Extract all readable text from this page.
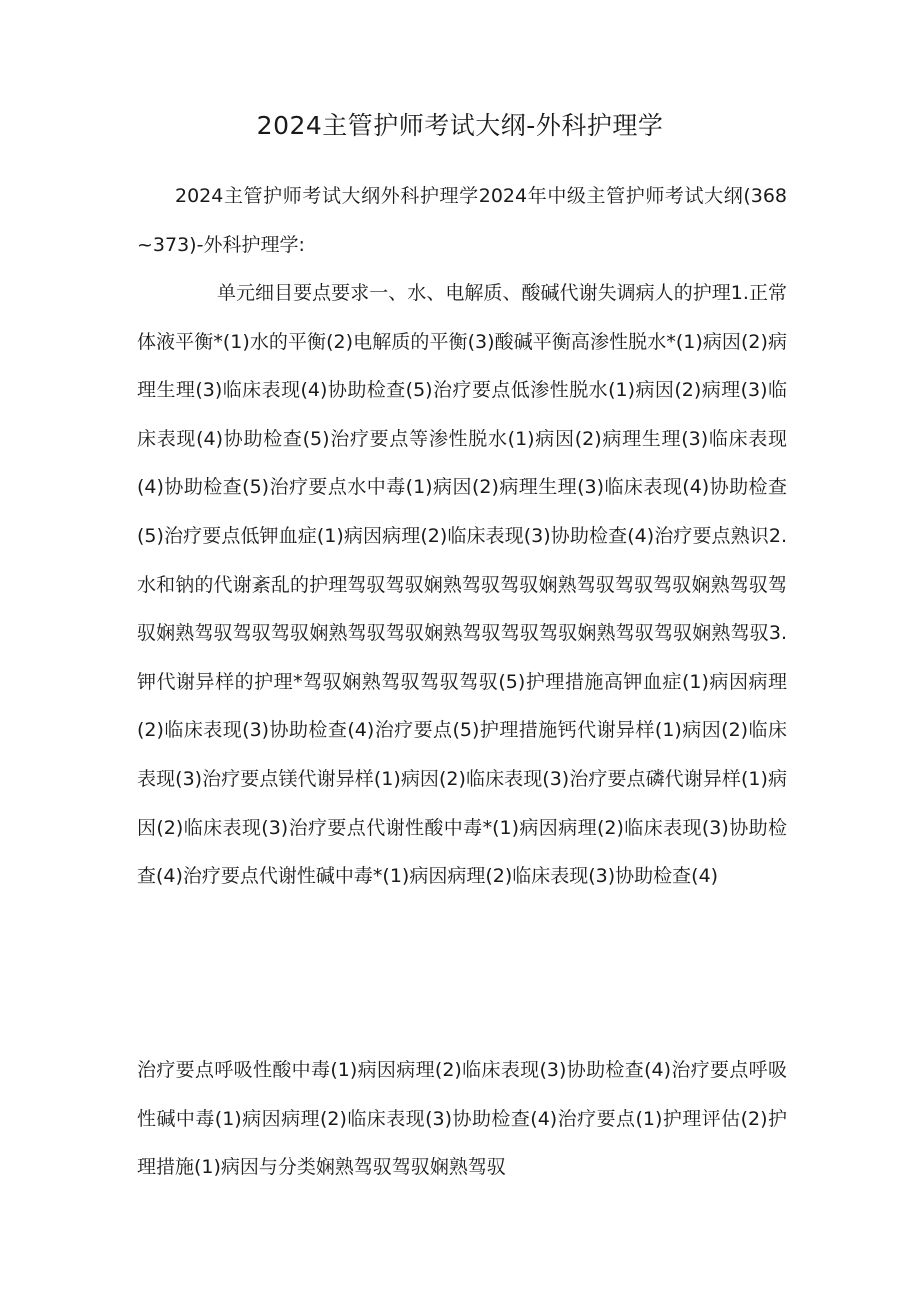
2024主管护师考试大纲-外科护理学

2024主管护师考试大纲外科护理学2024年中级主管护师考试大纲(368~373)-外科护理学:

单元细目要点要求一、水、电解质、酸碱代谢失调病人的护理1.正常体液平衡*(1)水的平衡(2)电解质的平衡(3)酸碱平衡高渗性脱水*(1)病因(2)病理生理(3)临床表现(4)协助检查(5)治疗要点低渗性脱水(1)病因(2)病理(3)临床表现(4)协助检查(5)治疗要点等渗性脱水(1)病因(2)病理生理(3)临床表现(4)协助检查(5)治疗要点水中毒(1)病因(2)病理生理(3)临床表现(4)协助检查(5)治疗要点低钾血症(1)病因病理(2)临床表现(3)协助检查(4)治疗要点熟识2.水和钠的代谢紊乱的护理驾驭驾驭娴熟驾驭驾驭娴熟驾驭驾驭驾驭娴熟驾驭驾驭娴熟驾驭驾驭驾驭娴熟驾驭驾驭娴熟驾驭驾驭驾驭娴熟驾驭驾驭娴熟驾驭3.钾代谢异样的护理*驾驭娴熟驾驭驾驭驾驭(5)护理措施高钾血症(1)病因病理(2)临床表现(3)协助检查(4)治疗要点(5)护理措施钙代谢异样(1)病因(2)临床表现(3)治疗要点镁代谢异样(1)病因(2)临床表现(3)治疗要点磷代谢异样(1)病因(2)临床表现(3)治疗要点代谢性酸中毒*(1)病因病理(2)临床表现(3)协助检查(4)治疗要点代谢性碱中毒*(1)病因病理(2)临床表现(3)协助检查(4)

治疗要点呼吸性酸中毒(1)病因病理(2)临床表现(3)协助检查(4)治疗要点呼吸性碱中毒(1)病因病理(2)临床表现(3)协助检查(4)治疗要点(1)护理评估(2)护理措施(1)病因与分类娴熟驾驭驾驭娴熟驾驭
